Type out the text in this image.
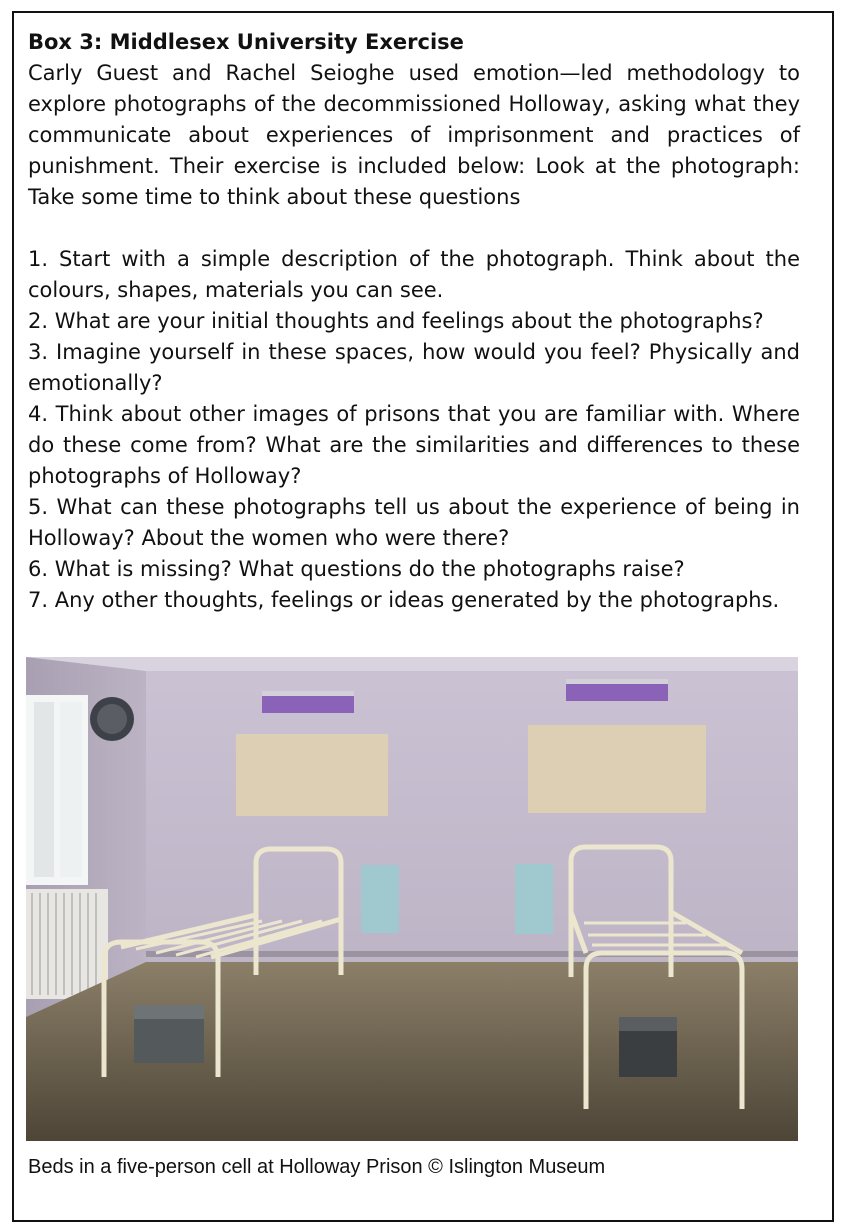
Box 3: Middlesex University Exercise

Carly Guest and Rachel Seioghe used emotion—led methodology to explore photographs of the decommissioned Holloway, asking what they communicate about experiences of imprisonment and practices of punishment. Their exercise is included below: Look at the photograph: Take some time to think about these questions

1. Start with a simple description of the photograph. Think about the colours, shapes, materials you can see.

2. What are your initial thoughts and feelings about the photographs?

3. Imagine yourself in these spaces, how would you feel? Physically and emotionally?

4. Think about other images of prisons that you are familiar with. Where do these come from? What are the similarities and differences to these photographs of Holloway?

5. What can these photographs tell us about the experience of being in Holloway? About the women who were there?

6. What is missing? What questions do the photographs raise?

7. Any other thoughts, feelings or ideas generated by the photographs.

Beds in a five-person cell at Holloway Prison © Islington Museum
